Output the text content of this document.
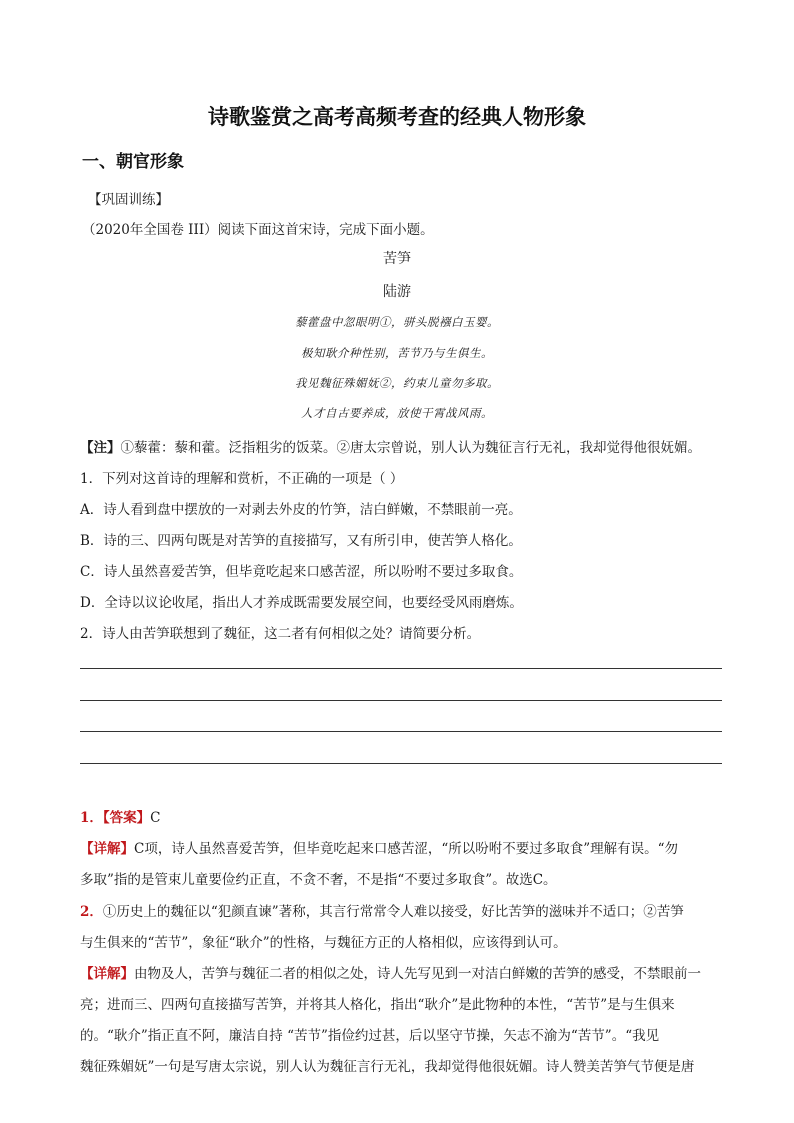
诗歌鉴赏之高考高频考查的经典人物形象
一、朝官形象
【巩固训练】
（2020年全国卷 III）阅读下面这首宋诗，完成下面小题。
苦笋
陆游
藜藿盘中忽眼明①，骈头脱襁白玉婴。
极知耿介种性别，苦节乃与生俱生。
我见魏征殊媚妩②，约束儿童勿多取。
人才自古要养成，放使干霄战风雨。
【注】①藜藿：藜和藿。泛指粗劣的饭菜。②唐太宗曾说，别人认为魏征言行无礼，我却觉得他很妩媚。
1．下列对这首诗的理解和赏析，不正确的一项是（ ）
A．诗人看到盘中摆放的一对剥去外皮的竹笋，洁白鲜嫩，不禁眼前一亮。
B．诗的三、四两句既是对苦笋的直接描写，又有所引申，使苦笋人格化。
C．诗人虽然喜爱苦笋，但毕竟吃起来口感苦涩，所以吩咐不要过多取食。
D．全诗以议论收尾，指出人才养成既需要发展空间，也要经受风雨磨炼。
2．诗人由苦笋联想到了魏征，这二者有何相似之处？请简要分析。
1．【答案】C
【详解】C项，诗人虽然喜爱苦笋，但毕竟吃起来口感苦涩，“所以吩咐不要过多取食”理解有误。“勿
多取”指的是管束儿童要俭约正直，不贪不奢，不是指“不要过多取食”。故选C。
2．①历史上的魏征以“犯颜直谏”著称，其言行常常令人难以接受，好比苦笋的滋味并不适口；②苦笋
与生俱来的“苦节”，象征“耿介”的性格，与魏征方正的人格相似，应该得到认可。
【详解】由物及人，苦笋与魏征二者的相似之处，诗人先写见到一对洁白鲜嫩的苦笋的感受，不禁眼前一
亮；进而三、四两句直接描写苦笋，并将其人格化，指出“耿介”是此物种的本性，“苦节”是与生俱来
的。“耿介”指正直不阿，廉洁自持 “苦节”指俭约过甚，后以坚守节操，矢志不渝为“苦节”。“我见
魏征殊媚妩”一句是写唐太宗说，别人认为魏征言行无礼，我却觉得他很妩媚。诗人赞美苦笋气节便是唐
